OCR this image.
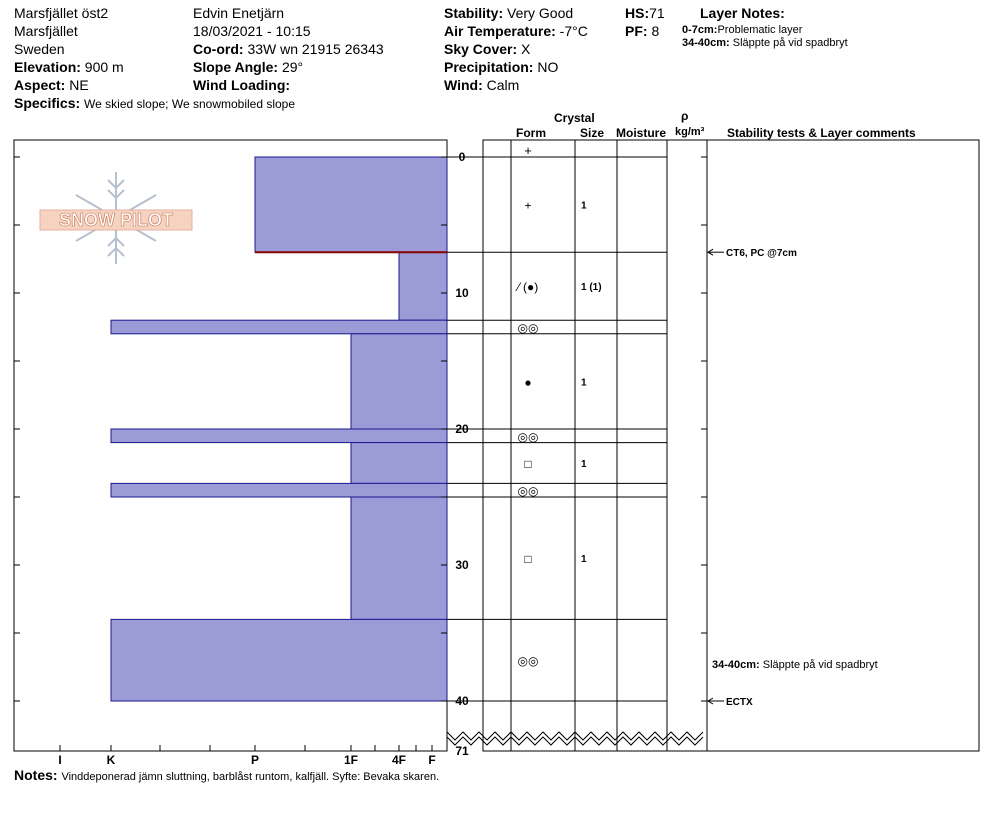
Marsfjället öst2
Marsfjället
Sweden
Elevation: 900 m
Aspect: NE
Specifics: We skied slope; We snowmobiled slope
Edvin Enetjärn
18/03/2021 - 10:15
Co-ord: 33W wn 21915 26343
Slope Angle: 29°
Wind Loading:
Stability: Very Good
Air Temperature: -7°C
Sky Cover: X
Precipitation: NO
Wind: Calm
HS:71
PF: 8
Layer Notes:
0-7cm:Problematic layer
34-40cm: Släppte på vid spadbryt
Crystal
Form	Size Moisture
ρ
kg/m³ Stability tests & Layer comments
Notes: Vinddeponerad jämn sluttning, barblåst runtom, kalfjäll. Syfte: Bevaka skaren.
SNOW PILOT
+
+	1
⁄ (●)	1 (1)
◎◎
●	1
◎◎
□	1
◎◎
□	1
◎◎	34-40cm: Släppte på vid spadbryt
0
10
20
30
40
71
I	K	P	1F	4F F
CT6, PC @7cm
ECTX
